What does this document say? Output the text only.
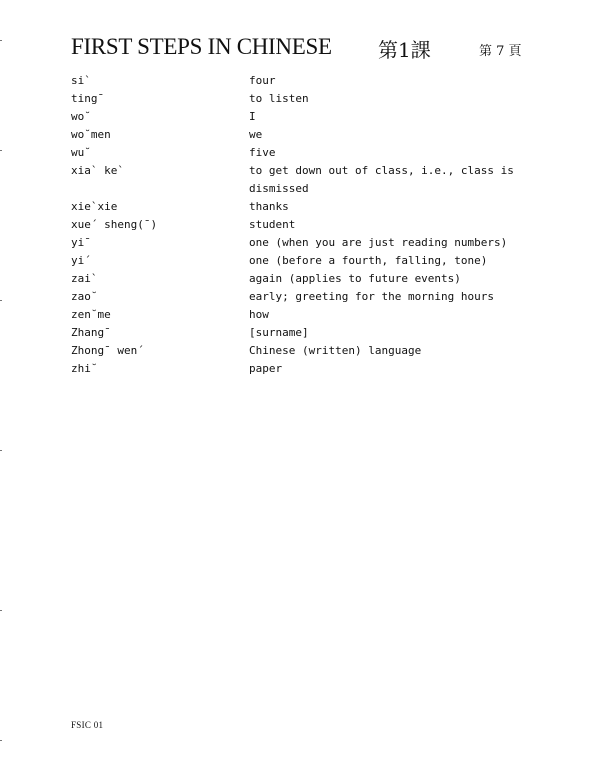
FIRST STEPS IN CHINESE 第1課	第 7 頁
si`	four
ting¯	to listen
wo˘	I
wo˘men	we
wu˘	five
xia` ke`	to get down out of class, i.e., class is dismissed
xie`xie	thanks
xue´ sheng(¯)	student
yi¯	one (when you are just reading numbers)
yi´	one (before a fourth, falling, tone)
zai`	again (applies to future events)
zao˘	early; greeting for the morning hours
zen˘me	how
Zhang¯	[surname]
Zhong¯ wen´	Chinese (written) language
zhi˘	paper
FSIC 01
